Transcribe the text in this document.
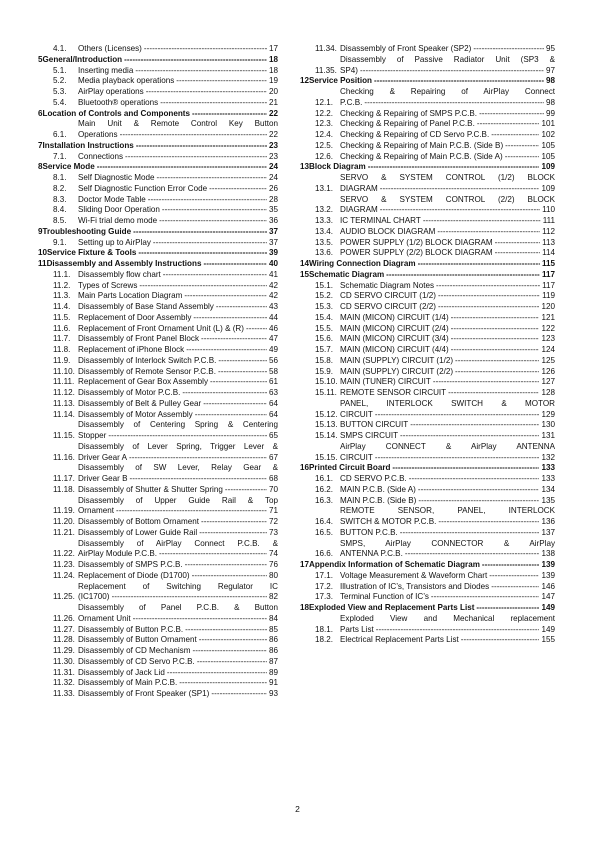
4.1.	Others (Licenses) - - -	17
5 General/Introduction - - -	18
5.1.	Inserting media - - -	18
5.2.	Media playback operations - - -	19
5.3.	AirPlay operations - - -	20
5.4.	Bluetooth® operations - - -	21
6 Location of Controls and Components - - -	22
6.1.
Main Unit & Remote Control Key Button
Operations - - -	22
7 Installation Instructions - - -	23
7.1.	Connections - - -	23
8 Service Mode - - -	24
8.1.	Self Diagnostic Mode - - -	24
8.2.	Self Diagnostic Function Error Code - - -	26
8.3.	Doctor Mode Table - - -	28
8.4.	Sliding Door Operation - - -	35
8.5.	Wi-Fi trial demo mode - - -	36
9 Troubleshooting Guide - - -	37
9.1.	Setting up to AirPlay - - -	37
10 Service Fixture & Tools - - -	39
11 Disassembly and Assembly Instructions - - -	40
11.1. Disassembly flow chart - - -	41
11.2. Types of Screws - - -	42
11.3. Main Parts Location Diagram - - -	42
11.4. Disassembly of Base Stand Assembly - - -	43
11.5. Replacement of Door Assembly - - -	44
11.6. Replacement of Front Ornament Unit (L) & (R) - - -	46
11.7. Disassembly of Front Panel Block - - -	47
11.8. Replacement of iPhone Block - - -	49
11.9. Disassembly of Interlock Switch P.C.B. - - -	56
11.10. Disassembly of Remote Sensor P.C.B. - - -	58
11.11. Replacement of Gear Box Assembly - - -	61
11.12. Disassembly of Motor P.C.B. - - -	63
11.13. Disassembly of Belt & Pulley Gear - - -	64
11.14. Disassembly of Motor Assembly - - -	64
11.15.
Disassembly of Centering Spring & Centering
Stopper - - -	65
11.16.
Disassembly of Lever Spring, Trigger Lever &
Driver Gear A - - -	67
11.17.
Disassembly of SW Lever, Relay Gear &
Driver Gear B - - -	68
11.18. Disassembly of Shutter & Shutter Spring - - -	70
11.19.
Disassembly of Upper Guide Rail & Top
Ornament - - -	71
11.20. Disassembly of Bottom Ornament - - -	72
11.21. Disassembly of Lower Guide Rail - - -	73
11.22.
Disassembly of AirPlay Connect P.C.B. &
AirPlay Module P.C.B. - - -	74
11.23. Disassembly of SMPS P.C.B. - - -	76
11.24. Replacement of Diode (D1700) - - -	80
11.25.
Replacement of Switching Regulator IC
(IC1700) - - -	82
11.26.
Disassembly of Panel P.C.B. & Button
Ornament Unit - - -	84
11.27. Disassembly of Button P.C.B. - - -	85
11.28. Disassembly of Button Ornament - - -	86
11.29. Disassembly of CD Mechanism - - -	86
11.30. Disassembly of CD Servo P.C.B. - - -	87
11.31. Disassembly of Jack Lid - - -	89
11.32. Disassembly of Main P.C.B. - - -	91
11.33. Disassembly of Front Speaker (SP1) - - -	93
11.34. Disassembly of Front Speaker (SP2) - - -	95
11.35.
Disassembly of Passive Radiator Unit (SP3 &
SP4) - - -	97
12 Service Position - - -	98
12.1.
Checking & Repairing of AirPlay Connect
P.C.B. - - -	98
12.2. Checking & Repairing of SMPS P.C.B. - - -	99
12.3. Checking & Repairing of Panel P.C.B. - - -	101
12.4. Checking & Repairing of CD Servo P.C.B. - - -	102
12.5. Checking & Repairing of Main P.C.B. (Side B) - - -	105
12.6. Checking & Repairing of Main P.C.B. (Side A) - - -	105
13 Block Diagram - - -	109
13.1.
SERVO & SYSTEM CONTROL (1/2) BLOCK
DIAGRAM - - -	109
13.2.
SERVO & SYSTEM CONTROL (2/2) BLOCK
DIAGRAM - - -	110
13.3. IC TERMINAL CHART - - -	111
13.4. AUDIO BLOCK DIAGRAM - - -	112
13.5. POWER SUPPLY (1/2) BLOCK DIAGRAM - - -	113
13.6. POWER SUPPLY (2/2) BLOCK DIAGRAM - - -	114
14 Wiring Connection Diagram - - -	115
15 Schematic Diagram - - -	117
15.1. Schematic Diagram Notes - - -	117
15.2. CD SERVO CIRCUIT (1/2) - - -	119
15.3. CD SERVO CIRCUIT (2/2) - - -	120
15.4. MAIN (MICON) CIRCUIT (1/4) - - -	121
15.5. MAIN (MICON) CIRCUIT (2/4) - - -	122
15.6. MAIN (MICON) CIRCUIT (3/4) - - -	123
15.7. MAIN (MICON) CIRCUIT (4/4) - - -	124
15.8. MAIN (SUPPLY) CIRCUIT (1/2) - - -	125
15.9. MAIN (SUPPLY) CIRCUIT (2/2) - - -	126
15.10. MAIN (TUNER) CIRCUIT - - -	127
15.11. REMOTE SENSOR CIRCUIT - - -	128
15.12.
PANEL, INTERLOCK SWITCH & MOTOR
CIRCUIT - - -	129
15.13. BUTTON CIRCUIT - - -	130
15.14. SMPS CIRCUIT - - -	131
15.15.
AirPlay CONNECT & AirPlay ANTENNA
CIRCUIT - - -	132
16 Printed Circuit Board - - -	133
16.1. CD SERVO P.C.B. - - -	133
16.2. MAIN P.C.B. (Side A) - - -	134
16.3. MAIN P.C.B. (Side B) - - -	135
16.4.
REMOTE SENSOR, PANEL, INTERLOCK
SWITCH & MOTOR P.C.B. - - -	136
16.5. BUTTON P.C.B. - - -	137
16.6.
SMPS, AirPlay CONNECTOR & AirPlay
ANTENNA P.C.B. - - -	138
17 Appendix Information of Schematic Diagram - - -	139
17.1. Voltage Measurement & Waveform Chart - - -	139
17.2. Illustration of IC’s, Transistors and Diodes - - -	146
17.3. Terminal Function of IC’s - - -	147
18 Exploded View and Replacement Parts List - - -	149
18.1.
Exploded View and Mechanical replacement
Parts List - - -	149
18.2. Electrical Replacement Parts List - - -	155
2
